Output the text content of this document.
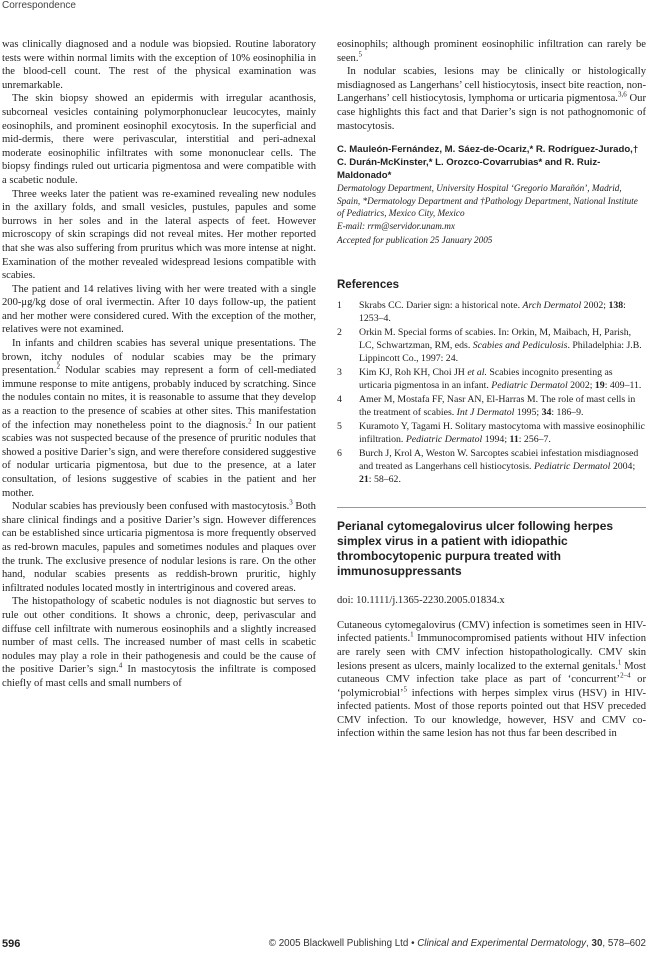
Correspondence

was clinically diagnosed and a nodule was biopsied. Routine laboratory tests were within normal limits with the exception of 10% eosinophilia in the blood-cell count. The rest of the physical examination was unremarkable.

The skin biopsy showed an epidermis with irregular acanthosis, subcorneal vesicles containing polymorphonuclear leucocytes, mainly eosinophils, and prominent eosinophil exocytosis. In the superficial and mid-dermis, there were perivascular, interstitial and peri-adnexal moderate eosinophilic infiltrates with some mononuclear cells. The biopsy findings ruled out urticaria pigmentosa and were compatible with a scabetic nodule.

Three weeks later the patient was re-examined revealing new nodules in the axillary folds, and small vesicles, pustules, papules and some burrows in her soles and in the lateral aspects of feet. However microscopy of skin scrapings did not reveal mites. Her mother reported that she was also suffering from pruritus which was more intense at night. Examination of the mother revealed widespread lesions compatible with scabies.

The patient and 14 relatives living with her were treated with a single 200-μg/kg dose of oral ivermectin. After 10 days follow-up, the patient and her mother were considered cured. With the exception of the mother, relatives were not examined.

In infants and children scabies has several unique presentations. The brown, itchy nodules of nodular scabies may be the primary presentation.$^2$ Nodular scabies may represent a form of cell-mediated immune response to mite antigens, probably induced by scratching. Since the nodules contain no mites, it is reasonable to assume that they develop as a reaction to the presence of scabies at other sites. This manifestation of the infection may nonetheless point to the diagnosis.$^2$ In our patient scabies was not suspected because of the presence of pruritic nodules that showed a positive Darier’s sign, and were therefore considered suggestive of nodular urticaria pigmentosa, but due to the presence, at a later consultation, of lesions suggestive of scabies in the patient and her mother.

Nodular scabies has previously been confused with mastocytosis.$^3$ Both share clinical findings and a positive Darier’s sign. However differences can be established since urticaria pigmentosa is more frequently observed as red-brown macules, papules and sometimes nodules and plaques over the trunk. The exclusive presence of nodular lesions is rare. On the other hand, nodular scabies presents as reddish-brown pruritic, highly infiltrated nodules located mostly in intertriginous and covered areas.

The histopathology of scabetic nodules is not diagnostic but serves to rule out other conditions. It shows a chronic, deep, perivascular and diffuse cell infiltrate with numerous eosinophils and a slightly increased number of mast cells. The increased number of mast cells in scabetic nodules may play a role in their pathogenesis and could be the cause of the positive Darier’s sign.$^4$ In mastocytosis the infiltrate is composed chiefly of mast cells and small numbers of

eosinophils; although prominent eosinophilic infiltration can rarely be seen.$^5$

In nodular scabies, lesions may be clinically or histologically misdiagnosed as Langerhans’ cell histiocytosis, insect bite reaction, non-Langerhans’ cell histiocytosis, lymphoma or urticaria pigmentosa.$^{3,6}$ Our case highlights this fact and that Darier’s sign is not pathognomonic of mastocytosis.

C. Mauleón-Fernández, M. Sáez-de-Ocariz,* R. Rodríguez-Jurado,† C. Durán-McKinster,* L. Orozco-Covarrubias* and R. Ruiz-Maldonado*
Dermatology Department, University Hospital ‘Gregorio Marañón’, Madrid, Spain, *Dermatology Department and †Pathology Department, National Institute of Pediatrics, Mexico City, Mexico
E-mail: rrm@servidor.unam.mx
Accepted for publication 25 January 2005
References
1 Skrabs CC. Darier sign: a historical note. Arch Dermatol 2002; 138: 1253–4.
2 Orkin M. Special forms of scabies. In: Orkin, M, Maibach, H, Parish, LC, Schwartzman, RM, eds. Scabies and Pediculosis. Philadelphia: J.B. Lippincott Co., 1997: 24.
3 Kim KJ, Roh KH, Choi JH et al. Scabies incognito presenting as urticaria pigmentosa in an infant. Pediatric Dermatol 2002; 19: 409–11.
4 Amer M, Mostafa FF, Nasr AN, El-Harras M. The role of mast cells in the treatment of scabies. Int J Dermatol 1995; 34: 186–9.
5 Kuramoto Y, Tagami H. Solitary mastocytoma with massive eosinophilic infiltration. Pediatric Dermatol 1994; 11: 256–7.
6 Burch J, Krol A, Weston W. Sarcoptes scabiei infestation misdiagnosed and treated as Langerhans cell histiocytosis. Pediatric Dermatol 2004; 21: 58–62.
Perianal cytomegalovirus ulcer following herpes simplex virus in a patient with idiopathic thrombocytopenic purpura treated with immunosuppressants
doi: 10.1111/j.1365-2230.2005.01834.x

Cutaneous cytomegalovirus (CMV) infection is sometimes seen in HIV-infected patients.$^1$ Immunocompromised patients without HIV infection are rarely seen with CMV infection histopathologically. CMV skin lesions present as ulcers, mainly localized to the external genitals.$^1$ Most cutaneous CMV infection take place as part of ‘concurrent’$^{2-4}$ or ‘polymicrobial’$^5$ infections with herpes simplex virus (HSV) in HIV-infected patients. Most of those reports pointed out that HSV preceded CMV infection. To our knowledge, however, HSV and CMV co-infection within the same lesion has not thus far been described in

596	© 2005 Blackwell Publishing Ltd • Clinical and Experimental Dermatology, 30, 578–602
